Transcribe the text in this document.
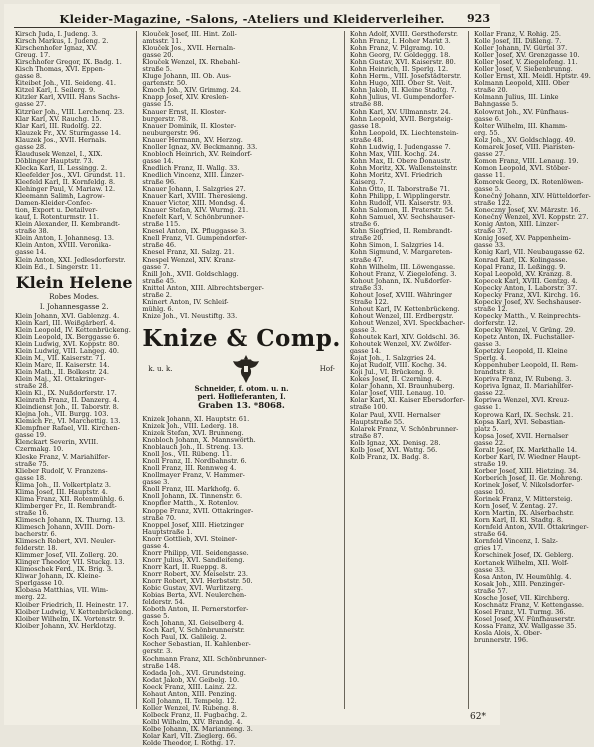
Kleider-Magazine, -Salons, -Ateliers und Kleiderverleiher.	923
Kirsch Juda, I. Judeng. 3.
Kirsch Markus, I. Judeng. 2.
Kirschenhofer Ignaz, XV.
Greug. 17.
Kirschhofer Gregor, IX. Badg. 1.
Kisch Thomas, XVI. Eppen-
gasse 8.
Kiteibet Joh., VII. Seideng. 41.
Kitzel Karl, I. Seilerg. 9.
Kitzler Karl, XVIII. Hans Sachs-
gasse 27.
Kitzrüer Joh., VIII. Lerchenq. 23.
Klar Karl, XV. Rauchg. 15.
Klar Karl, III. Rudolfg. 22.
Klauzek Fr., XV. Sturmgasse 14.
Klauzek Jos., XVII. Hernals.
gasse 28.
Klaudusek Wenzel, I., XIX.
Döblinger Hauptstr. 73.
Klecka Karl, II. Lessingg. 2.
Kleefelder Jos., XVI. Grundst. 11.
Kleefeld Karl, II. Kornfeldg. 8.
Klehinger Paul, V. Mariaw. 12.
Kleemann Salimh, Lagrow-
Damen-Kleider-Confec-
tion, Export u. Detailver-
kauf, I. Rotenturmstr. 11.
Klein Alexander, II. Kembrandt-
straße 38.
Klein Anton, I. Johannesg. 13.
Klein Anton, XVIII. Veronika-
gasse 14.
Klein Anton, XXI. Jedlesdorferstr.
Klein Ed., I. Singerstr. 11.
Klein Helene
Robes Modes.
I. Johannesgasse 2.
Klein Johann, XVI. Gablenzg. 4.
Klein Karl, III. Weißgärberl. 4.
Klein Leopold, IV. Kettenbrückeng.
Klein Leopold, IX. Berggasse 6.
Klein Ludwig, XVI. Koppstr. 80.
Klein Ludwig, VIII. Langeg. 40.
Klein M., VII. Kaiserstr. 71.
Klein Marc, II. Kaiserstr. 14.
Klein Math., II. Bolkestr. 24.
Klein Maj., XI. Ottakringer-
straße 28.
Klein Kl., IX. Nußdorferstr. 17.
Kleinrath Franz, II. Danzerg. 4.
Kleindienst Joh., II. Taborstr. 8.
Klejna Joh., VII. Burgg. 103.
Klemich Fr., VI. Marchettig. 13.
Klempfner Rafael, VII. Kirchen-
gasse 19.
Klenckart Severin, XVIII.
Czermakg. 10.
Kleske Franz, V. Mariahilfer-
straße 75.
Klieber Rudolf, V. Franzens-
gasse 18.
Klima Joh., II. Volkertplatz 3.
Klima Josef, III. Hauptstr. 4.
Klima Franz, XII. Rotenmühlg. 6.
Klimberger Fr., II. Rembrandt-
straße 16.
Klimesch Johann, IX. Thurng. 13.
Klimesch Johann, XVIII. Dorn-
bacherstr. 6.
Klimesch Robert, XVI. Neuler-
felderstr. 18.
Klimmer Josef, VII. Zollerg. 20.
Klinger Theodor, VII. Stuckg. 13.
Klimoschek Ferd., IX. Brig. 3.
Kliwar Johann, IX. Kleine-
Sperlgasse 10.
Klobasa Matthias, VII. Wim-
merg. 22.
Kloiber Friedrich, II. Heinestr. 17.
Kloiber Ludwig, V. Kettenbrückeng.
Kloiber Wilhelm, IX. Vortenstr. 9.
Kloiber Johann, XV. Herklotzg.
Klouček Josef, III. Hint. Zoll-
amtsstr. 11.
Klouček Jos., XVII. Hernaln-
gasse 20.
Klouček Wenzel, IX. Rhebahl-
straße 5.
Kluge Johann, III. Ob. Aus-
gartenstr. 50.
Kmoch Joh., XIV. Grimmg. 24.
Knapp Josef, XIV. Kreslen-
gasse 15.
Knauer Ernst, II. Kloster-
burgerstr. 78.
Knauer Dominik, II. Kloster-
neuburgerstr. 96.
Knauer Hermann, XV. Herzog.
Knoller Ignaz, XV. Beckmanng. 33.
Knobloch Heinrich, XV. Reindorf-
gasse 14.
Knedlich Franz, II. Wallg. 33.
Knedlich Vincenz, XIII. Linzer-
straße 96.
Knauer Johann, I. Salzgries 27.
Knauer Karl, XVIII. Theresieng.
Knauer Victor, XIII. Mondsg. 4.
Knauer Stefan, XIV. Wurmg. 21.
Knefelt Karl, V. Schönbrunner-
straße 115.
Knesel Anton, IX. Pfluggasse 3.
Knell Franz, VI. Gumpendorfer-
straße 46.
Knesel Franz, XI. Salzg. 21.
Knespel Wenzel, XIV. Kranz-
gasse 7.
Knill Joh., XVII. Goldschlagg.
straße 45.
Knittel Anton, XIII. Albrechtsberger-
straße 2.
Kninert Anton, IV. Schleif-
mühlg. 6.
Knize Joh., VI. Neustiftg. 33.
Knize & Comp.
k. u. k.	Hof-
Schneider, f. otom. u. n.
peri. Hoflieferanten, I.
Graben 13. *8068.
Knizek Johann, XI. Hauptstr. 61.
Knizek Joh., VIII. Lederg. 18.
Knizek Stefan, XVI. Brunneng.
Knobloch Johann, X. Mannswörth.
Knoblauch Joh., II. Streng. 13.
Knoll Jos., VII. Rübeng. 11.
Knoll Franz, II. Nordbahnstr. 6.
Knoll Franz, III. Rennweg 4.
Knollmayer Franz, V. Hammer-
gasse 3.
Knoll Franz, III. Markhofg. 6.
Knoll Johann, IX. Tinnenstr. 6.
Knopfler Matth., X. Rotenlov.
Knoppe Franz, XVII. Ottakringer-
straße 70.
Knoppel Josef, XIII. Hietzinger
Hauptstraße 1.
Knorr Gottlieb, XVI. Steiner-
gasse 4.
Knorr Philipp, VII. Seidengasse.
Knorr Julius, XVI. Sandleiteng.
Knorr Karl, II. Rueppg. 8.
Knorr Robert, XV. Meiselstr. 23.
Knorr Robert, XVI. Herbststr. 50.
Kobic Gustav, XVI. Wurlitzerg.
Kobias Berta, XVI. Neulerchen-
felderstr. 54.
Koboth Anton, II. Pernerstorfer-
gasse 5.
Koch Johann, XI. Geiselberg 4.
Koch Karl, V. Schönbrunnerstr.
Koch Paul, IX. Galileig. 2.
Kocher Sebastian, II. Kahlenber-
gerstr. 3.
Kochmann Franz, XII. Schönbrunner-
straße 148.
Kodada Joh., XVI. Grundsteing.
Kodat Jakob, XV. Geibelg. 10.
Koeck Franz, XIII. Lainz. 22.
Kohaut Anton, XIII. Penzing.
Koll Johann, II. Tempelg. 12.
Koller Wenzel, IV. Rubeng. 8.
Kolbeck Franz, II. Fugbachg. 2.
Kolbl Wilhelm, XIV. Brandg. 4.
Kolbe Johann, IX. Marianneng. 3.
Kolar Karl, VII. Zieglerg. 66.
Kolde Theodor, I. Rothg. 17.
Kohn Adolf, XVIII. Gersthoferstr.
Kohn Franz, I. Hoher Markt 3.
Kohn Franz, V. Pilgramg. 10.
Kohn Georg, IV. Goldeggg. 18.
Kohn Gustav, XVI. Kaiserstr. 80.
Kohn Heinrich, II. Sperlg. 12.
Kohn Herm., VIII. Josefstädterstr.
Kohn Hugo, XIII. Ober St. Veit.
Kohn Jakob, II. Kleine Stadtg. 7.
Kohn Julius, VI. Gumpendorfer-
straße 88.
Kohn Karl, XV. Ullmannstr. 24.
Kohn Leopold, XVII. Bergsteig-
gasse 18.
Kohn Leopold, IX. Liechtenstein-
straße 48.
Kohn Ludwig, I. Judengasse 7.
Kohn Max, VIII. Kochg. 24.
Kohn Max, II. Obere Donaustr.
Kohn Moritz, XX. Wallensteinstr.
Kohn Moritz, XVI. Friedrich
Kaiserg. 7.
Kohn Otto, II. Taborstraße 71.
Kohn Philipp, I. Wipplingerstr.
Kohn Rudolf, VII. Kaiserstr. 93.
Kohn Salomon, II. Praterstr. 54.
Kohn Samuel, XV. Sechshauser-
straße 6.
Kohn Siegfried, II. Rembrandt-
straße 20.
Kohn Simon, I. Salzgries 14.
Kohn Sigmund, V. Margareten-
straße 47.
Kohn Wilhelm, III. Löwengasse.
Kohout Franz, V. Ziegelofeng. 3.
Kohout Johann, IX. Nußdorfer-
straße 33.
Kohout Josef, XVIII. Währinger
Straße 122.
Kohout Karl, IV. Kettenbrückeng.
Kohout Wenzel, III. Erdbergstr.
Kohout Wenzel, XVI. Speckbacher-
gasse 3.
Kohoutek Karl, XIV. Goldschl. 36.
Kohoutek Wenzel, XV. Zwölfer-
gasse 14.
Kojat Joh., I. Salzgries 24.
Kojat Rudolf, VIII. Kochg. 34.
Koji Jul., VI. Brückeng. 9.
Kokes Josef, II. Czerning. 4.
Kolar Johann, XI. Braunhuberg.
Kolar Josef, VIII. Lenaug. 10.
Kolar Karl, XI. Kaiser Ebersdorfer-
straße 100.
Kolar Paul, XVII. Hernalser
Hauptstraße 55.
Kolarek Franz, V. Schönbrunner-
straße 87.
Kolb Ignaz, XX. Denisg. 28.
Kolb Josef, XVI. Wattg. 56.
Kolb Franz, IX. Badg. 8.
Kollar Franz, V. Rohig. 25.
Kolle Josef, III. Dißleng. 7.
Koller Johann, IV. Gürtel 37.
Koller Josef, XV. Grenzgasse 10.
Koller Josef, V. Ziegelofeng. 11.
Koller Josef, V. Siebenbrunng.
Koller Ernst, XII. Meidl. Hptstr. 49.
Kolmann Leopold, XIII. Ober
straße 20.
Kolmann Julius, III. Linke
Bahngasse 5.
Kolowrat Joh., XV. Fünfhaus-
gasse 6.
Kolter Wilhelm, III. Khamm-
erg. 55.
Kolz Joh., XV. Goldschlagg. 49.
Komarek Josef, VIII. Piaristen-
gasse 27.
Komon Franz, VIII. Lenaug. 19.
Komon Leopold, XVI. Stöber-
gasse 11.
Komorek Georg, IX. Rotenlöwen-
gasse 5.
Konečný Johann, XIV. Hütteldorfer-
straße 122.
Koneczny Josef, XV. Märzstr. 16.
Konečný Wenzel, XVI. Koppstr. 27.
Konig Anton, XIII. Linzer-
straße 37.
Konig Josef, XV. Pappenheim-
gasse 33.
Konig Karl, VII. Neubaugasse 62.
Konrad Karl, IX. Kolingasse.
Kopal Franz, II. Leßingg. 9.
Kopal Leopold, XV. Kranzg. 8.
Kopecek Karl, XVIII. Gentzg. 4.
Kopecky Anton, I. Laborstr. 37.
Kopecky Franz, XVI. Kirchg. 16.
Kopecky Josef, XV. Sechshauser-
straße 12.
Kopecky Matth., V. Reinprechts-
dorferstr. 12.
Kopecky Wenzel, V. Grüng. 29.
Kopetz Anton, IX. Fuchstaller-
gasse 3.
Kopetzky Leopold, II. Kleine
Sperlg. 4.
Koppenhuber Leopold, II. Rem-
brandtstr. 8.
Kopriva Franz, IV. Rubeng. 3.
Kopriva Ignaz, II. Mariahilfer-
gasse 22.
Kopriwa Wenzel, XVI. Kreuz-
gasse 1.
Koprowa Karl, IX. Sechsk. 21.
Kopsa Karl, XVI. Sebastian-
platz 5.
Kopsa Josef, XVII. Hernalser
gasse 22.
Koralt Josef, IX. Markthalle 14.
Korber Karl, IV. Wiedner Haupt-
straße 19.
Korber Josef, XIII. Hietzing. 34.
Korberich Josef, II. Gr. Mohreng.
Korinek Josef, V. Nikolsdorfer-
gasse 10.
Korinek Franz, V. Mittersteig.
Korn Josef, V. Zentag. 27.
Korn Martin, IX. Alserbachstr.
Korn Karl, II. Kl. Stadtg. 8.
Kornfeld Anton, XVII. Ottakringer-
straße 64.
Kornfeld Vincenz, I. Salz-
gries 17.
Korschinek Josef, IX. Geblerg.
Kortanek Wilhelm, XII. Wolf-
gasse 33.
Kosa Anton, IV. Heumühlg. 4.
Kosak Joh., XIII. Penzinger-
straße 57.
Kosche Josef, VII. Kirchberg.
Koschnatz Franz, V. Kettengasse.
Kosel Franz, VI. Turmg. 36.
Kosel Josef, XV. Fünfhauserstr.
Kossa Franz, XV. Wallgasse 35.
Kosla Alois, X. Ober-
brunnerstr. 196.
62*
